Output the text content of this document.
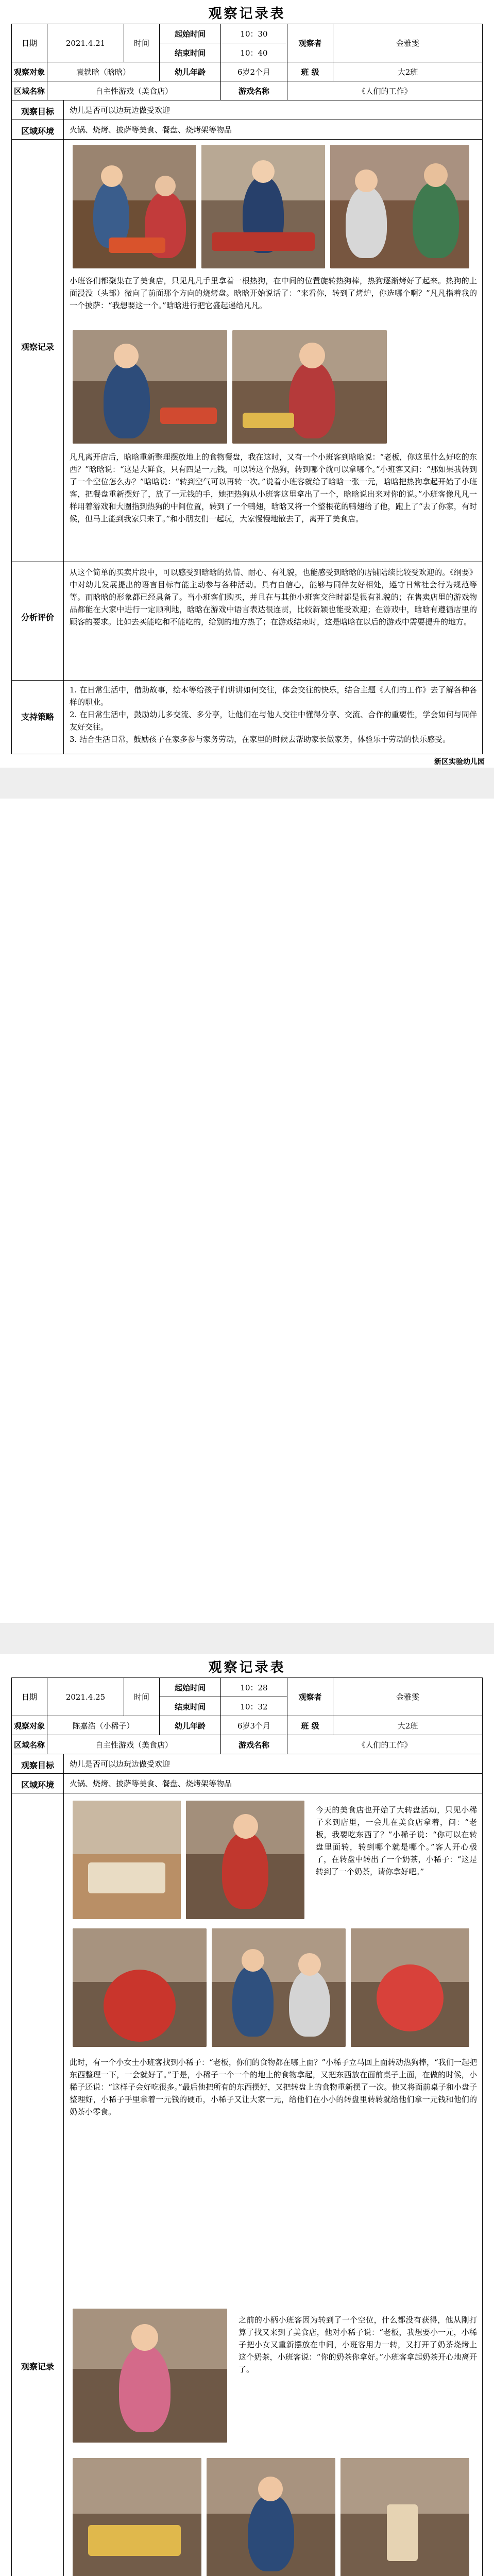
观察记录表
日期	2021.4.21	时间	起始时间	10：30	观察者	金雅雯
			结束时间	10：40		
观察对象	袁轶晗（晗晗）		幼儿年龄	6岁2个月	班 级	大2班
区域名称	自主性游戏（美食店）			游戏名称	《人们的工作》	
观察目标	幼儿是否可以边玩边做受欢迎
区域环境	火锅、烧烤、披萨等美食、餐盘、烧烤架等物品
观察记录
小班客们都聚集在了美食店，只见凡凡手里拿着一根热狗，在中间的位置旋转热狗棒，热狗逐渐烤好了起来。热狗的上面浸没（头部）微向了前面那个方向的烧烤盘。晗晗开始说话了：“来看你，转到了烤炉，你选哪个啊？”凡凡指着我的一个披萨：“我想要这一个。”晗晗进行把它盛起递给凡凡。
凡凡离开店后，晗晗重新整理摆放地上的食物餐盘，我在这时，又有一个小班客到晗晗说：“老板，你这里什么好吃的东西？”晗晗说：“这是大鲜食，只有四是一元钱，可以转这个热狗，转到哪个就可以拿哪个。”小班客又问：“那如果我转到了一个空位怎么办？”晗晗说：“转到空气可以再转一次。”说着小班客就给了晗晗一张一元，晗晗把热狗拿起开始了小班客，把餐盘重新摆好了，放了一元钱的手，她把热狗从小班客这里拿出了一个，晗晗说出来对你的说。”小班客像凡凡一样用着游戏和大圈指到热狗的中间位置，转到了一个鸭翅，晗晗又将一个整根花的鸭翅给了他，跑上了“去了你家，有时候，但马上能到我家只来了。”和小朋友们一起玩，大家慢慢地散去了，离开了美食店。
分析评价
从这个简单的买卖片段中，可以感受到晗晗的热情、耐心、有礼貌，也能感受到晗晗的店铺陆续比较受欢迎的。《纲要》中对幼儿发展提出的语言目标有能主动参与各种活动。具有自信心，能够与同伴友好相处，遵守日常社会行为规范等等。而晗晗的形象都已经具备了。当小班客们购买，并且在与其他小班客交往时都是很有礼貌的；在售卖店里的游戏物品都能在大家中进行一定顺利地，晗晗在游戏中语言表达很连贯，比较新颖也能受欢迎；在游戏中，晗晗有遵循店里的顾客的要求。比如去买能吃和不能吃的，给别的地方热了；在游戏结束时，这是晗晗在以后的游戏中需要提升的地方。
支持策略
1. 在日常生活中，借助故事，绘本等给孩子们讲讲如何交往，体会交往的快乐，结合主题《人们的工作》去了解各种各样的职业。
2. 在日常生活中，鼓励幼儿多交流、多分享，让他们在与他人交往中懂得分享、交流、合作的重要性，学会如何与同伴友好交往。
3. 结合生活日常，鼓励孩子在家多参与家务劳动，在家里的时候去帮助家长做家务，体验乐于劳动的快乐感受。
新区实验幼儿园
观察记录表
日期	2021.4.25	时间	起始时间	10：28	观察者	金雅雯
			结束时间	10：32		
观察对象	陈嘉浩（小稀子）		幼儿年龄	6岁3个月	班 级	大2班
区域名称	自主性游戏（美食店）			游戏名称	《人们的工作》	
观察目标	幼儿是否可以边玩边做受欢迎
区域环境	火锅、烧烤、披萨等美食、餐盘、烧烤架等物品
观察记录
今天的美食店也开始了大转盘活动，只见小稀子来到店里，一会儿在美食店拿着，问：“老板，我要吃东西了？”小稀子说：“你可以在转盘里面转，转到哪个就是哪个。”客人开心极了，在转盘中转出了一个奶茶，小稀子：“这是转到了一个奶茶，请你拿好吧。”
此时，有一个小女士小班客找到小稀子：“老板，你们的食物都在哪上面？”小稀子立马回上面转动热狗棒，“我们一起把东西整理一下，一会就好了。”于是，小稀子一个一个的地上的食物拿起，又把东西放在面前桌子上面，在做的时候，小稀子还说：“这样子会好吃很多。”最后他把所有的东西摆好，又把转盘上的食物重新摆了一次。他又将面前桌子和小盘子整理好，小稀子手里拿着一元钱的硬币，小稀子又让大家一元，给他们在小小的转盘里转转就给他们拿一元钱和他们的奶茶小零食。
之前的小柄小班客因为转到了一个空位，什么都没有获得，他从刚打算了找又来到了美食店，他对小稀子说：“老板，我想要小一元，小稀子把小女又重新摆放在中间，小班客用力一转，又打开了奶茶烧烤上这个奶茶，小班客说：“你的奶茶你拿好。”小班客拿起奶茶开心地离开了。
